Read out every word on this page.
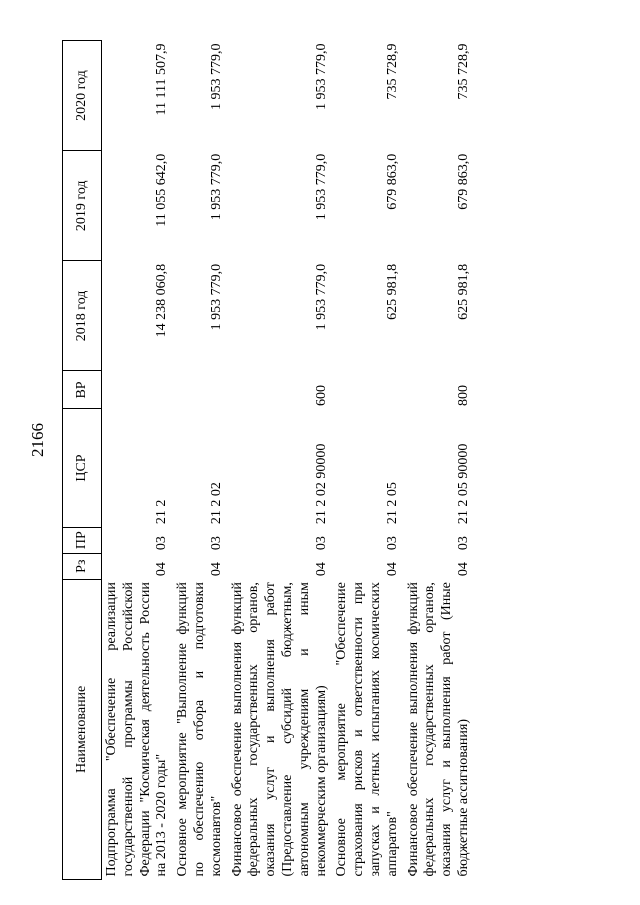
2166
Наименование	Рз	ПР	ЦСР	ВР	2018 год	2019 год	2020 год
Подпрограмма "Обеспечение реализации государственной программы Российской Федерации "Космическая деятельность России на 2013 - 2020 годы"	04	03	21 2		14 238 060,8	11 055 642,0	11 111 507,9
Основное мероприятие "Выполнение функций по обеспечению отбора и подготовки космонавтов"	04	03	21 2 02		1 953 779,0	1 953 779,0	1 953 779,0
Финансовое обеспечение выполнения функций федеральных государственных органов, оказания услуг и выполнения работ (Предоставление субсидий бюджетным, автономным учреждениям и иным некоммерческим организациям)	04	03	21 2 02 90000	600	1 953 779,0	1 953 779,0	1 953 779,0
Основное мероприятие "Обеспечение страхования рисков и ответственности при запусках и летных испытаниях космических аппаратов"	04	03	21 2 05		625 981,8	679 863,0	735 728,9
Финансовое обеспечение выполнения функций федеральных государственных органов, оказания услуг и выполнения работ (Иные бюджетные ассигнования)	04	03	21 2 05 90000	800	625 981,8	679 863,0	735 728,9
